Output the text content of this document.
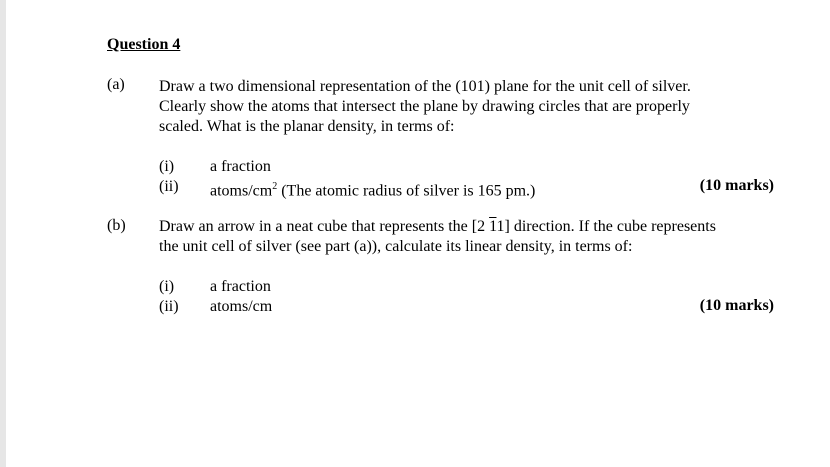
Question 4
(a) Draw a two dimensional representation of the (101) plane for the unit cell of silver.
Clearly show the atoms that intersect the plane by drawing circles that are properly
scaled. What is the planar density, in terms of:
(i) a fraction
(ii) atoms/$cm^2$ (The atomic radius of silver is 165 pm.)	(10 marks)
(b) Draw an arrow in a neat cube that represents the [2 11] direction. If the cube represents
the unit cell of silver (see part (a)), calculate its linear density, in terms of:
(i) a fraction
(ii) atoms/cm	(10 marks)
